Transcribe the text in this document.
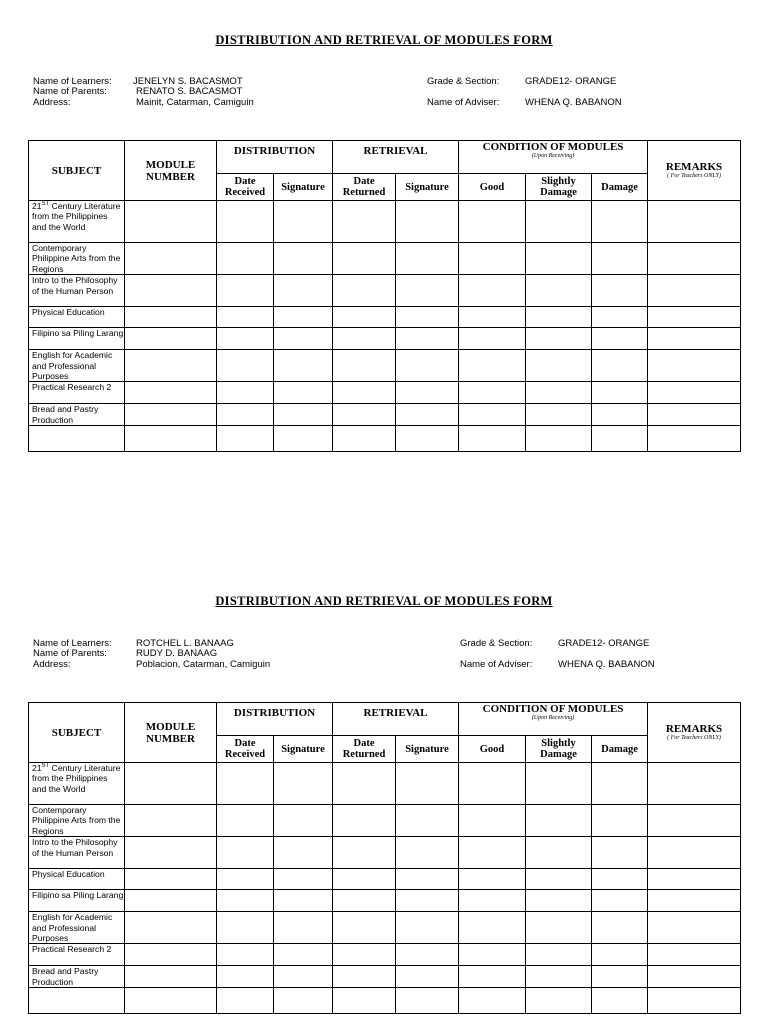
DISTRIBUTION AND RETRIEVAL OF MODULES FORM
Name of Learners: JENELYN S. BACASMOT
Name of Parents:	RENATO S. BACASMOT
Address:	Mainit, Catarman, Camiguin
Grade & Section:	GRADE12- ORANGE
Name of Adviser:	WHENA Q. BABANON
SUBJECT	MODULE NUMBER	DISTRIBUTION		RETRIEVAL		CONDITION OF MODULES
(Upon Receiving)			REMARKS
( For Teachers ONLY)

		Date Received	Signature	Date Returned	Signature	Good	Slightly Damage	Damage	
21ST Century Literature from the Philippines and the World									
Contemporary Philippine Arts from the Regions									
Intro to the Philosophy of the Human Person									
Physical Education									
Filipino sa Piling Larang									
English for Academic and Professional Purposes									
Practical Research 2									
Bread and Pastry Production									

DISTRIBUTION AND RETRIEVAL OF MODULES FORM
Name of Learners:	ROTCHEL L. BANAAG
Name of Parents:	RUDY D. BANAAG
Address:	Poblacion, Catarman, Camiguin
Grade & Section:	GRADE12- ORANGE
Name of Adviser:	WHENA Q. BABANON
SUBJECT	MODULE NUMBER	DISTRIBUTION		RETRIEVAL		CONDITION OF MODULES
(Upon Receiving)			REMARKS
( For Teachers ONLY)

		Date Received	Signature	Date Returned	Signature	Good	Slightly Damage	Damage	
21ST Century Literature from the Philippines and the World									
Contemporary Philippine Arts from the Regions									
Intro to the Philosophy of the Human Person									
Physical Education									
Filipino sa Piling Larang									
English for Academic and Professional Purposes									
Practical Research 2									
Bread and Pastry Production									
